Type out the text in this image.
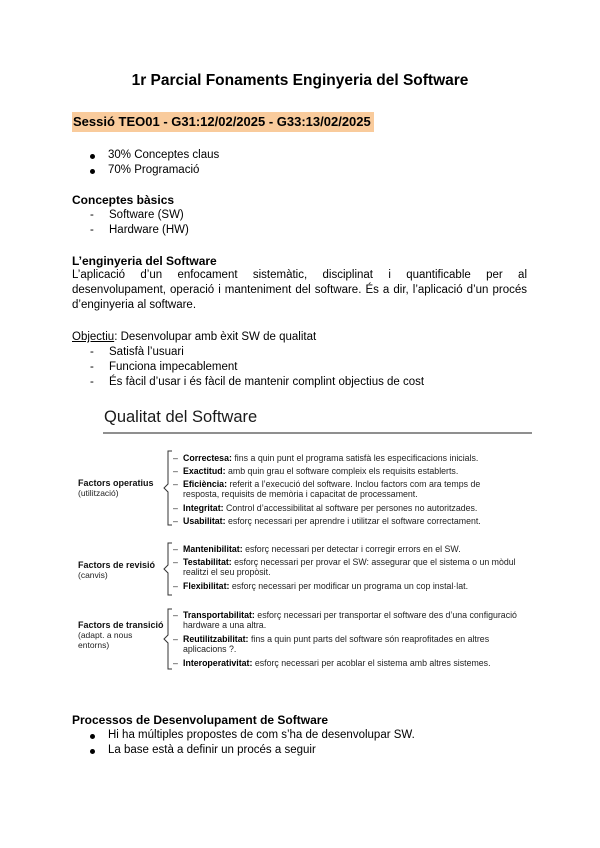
1r Parcial Fonaments Enginyeria del Software
Sessió TEO01 - G31:12/02/2025 - G33:13/02/2025
30% Conceptes claus
70% Programació
Conceptes bàsics
- Software (SW)
- Hardware (HW)
L’enginyeria del Software
L’aplicació d’un enfocament sistemàtic, disciplinat i quantificable per al desenvolupament, operació i manteniment del software. És a dir, l’aplicació d’un procés d’enginyeria al software.
Objectiu: Desenvolupar amb èxit SW de qualitat
- Satisfà l’usuari
- Funciona impecablement
- És fàcil d’usar i és fàcil de mantenir complint objectius de cost
Qualitat del Software
Factors operatius
(utilització)
– Correctesa: fins a quin punt el programa satisfà les especificacions inicials.
– Exactitud: amb quin grau el software compleix els requisits establerts.
– Eficiència: referit a l’execució del software. Inclou factors com ara temps de resposta, requisits de memòria i capacitat de processament.
– Integritat: Control d’accessibilitat al software per persones no autoritzades.
– Usabilitat: esforç necessari per aprendre i utilitzar el software correctament.
Factors de revisió
(canvis)
– Mantenibilitat: esforç necessari per detectar i corregir errors en el SW.
– Testabilitat: esforç necessari per provar el SW: assegurar que el sistema o un mòdul realitzi el seu propòsit.
– Flexibilitat: esforç necessari per modificar un programa un cop instal·lat.
Factors de transició
(adapt. a nous entorns)
– Transportabilitat: esforç necessari per transportar el software des d’una configuració hardware a una altra.
– Reutilitzabilitat: fins a quin punt parts del software són reaprofitades en altres aplicacions ?.
– Interoperativitat: esforç necessari per acoblar el sistema amb altres sistemes.
Processos de Desenvolupament de Software
Hi ha múltiples propostes de com s’ha de desenvolupar SW.
La base està a definir un procés a seguir
